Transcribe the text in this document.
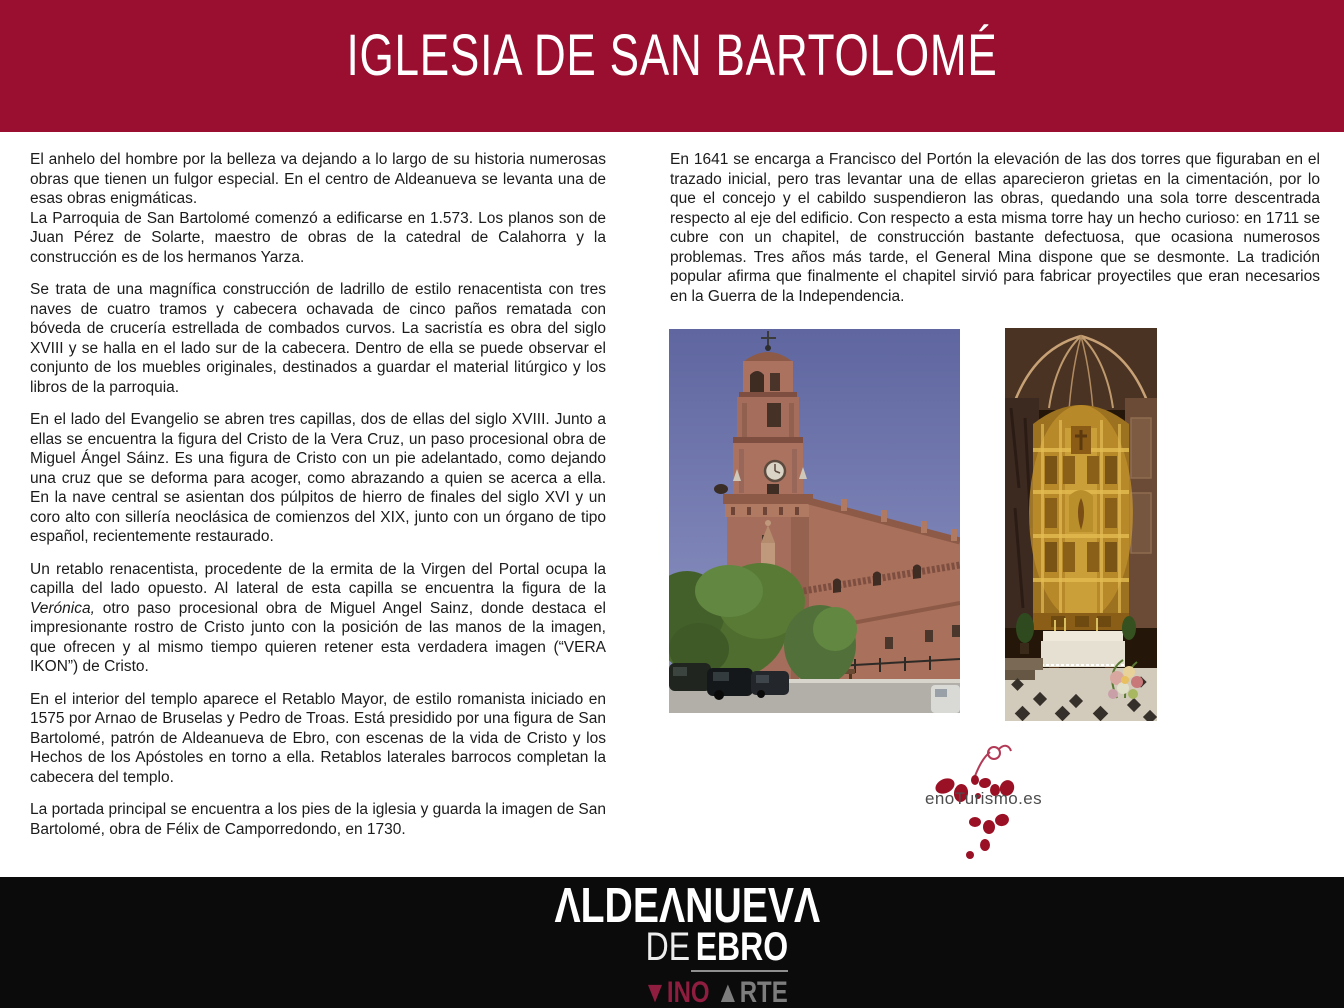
IGLESIA DE SAN BARTOLOMÉ

El anhelo del hombre por la belleza va dejando a lo largo de su historia numerosas obras que tienen un fulgor especial. En el centro de Aldeanueva se levanta una de esas obras enigmáticas.

La Parroquia de San Bartolomé comenzó a edificarse en 1.573. Los planos son de Juan Pérez de Solarte, maestro de obras de la catedral de Calahorra y la construcción es de los hermanos Yarza.

Se trata de una magnífica construcción de ladrillo de estilo renacentista con tres naves de cuatro tramos y cabecera ochavada de cinco paños rematada con bóveda de crucería estrellada de combados curvos. La sacristía es obra del siglo XVIII y se halla en el lado sur de la cabecera. Dentro de ella se puede observar el conjunto de los muebles originales, destinados a guardar el material litúrgico y los libros de la parroquia.

En el lado del Evangelio se abren tres capillas, dos de ellas del siglo XVIII. Junto a ellas se encuentra la figura del Cristo de la Vera Cruz, un paso procesional obra de Miguel Ángel Sáinz. Es una figura de Cristo con un pie adelantado, como dejando una cruz que se deforma para acoger, como abrazando a quien se acerca a ella. En la nave central se asientan dos púlpitos de hierro de finales del siglo XVI y un coro alto con sillería neoclásica de comienzos del XIX, junto con un órgano de tipo español, recientemente restaurado.

Un retablo renacentista, procedente de la ermita de la Virgen del Portal ocupa la capilla del lado opuesto. Al lateral de esta capilla se encuentra la figura de la Verónica, otro paso procesional obra de Miguel Angel Sainz, donde destaca el impresionante rostro de Cristo junto con la posición de las manos de la imagen, que ofrecen y al mismo tiempo quieren retener esta verdadera imagen (“VERA IKON”) de Cristo.

En el interior del templo aparece el Retablo Mayor, de estilo romanista iniciado en 1575 por Arnao de Bruselas y Pedro de Troas. Está presidido por una figura de San Bartolomé, patrón de Aldeanueva de Ebro, con escenas de la vida de Cristo y los Hechos de los Apóstoles en torno a ella. Retablos laterales barrocos completan la cabecera del templo.

La portada principal se encuentra a los pies de la iglesia y guarda la imagen de San Bartolomé, obra de Félix de Camporredondo, en 1730.

En 1641 se encarga a Francisco del Portón la elevación de las dos torres que figuraban en el trazado inicial, pero tras levantar una de ellas aparecieron grietas en la cimentación, por lo que el concejo y el cabildo suspendieron las obras, quedando una sola torre descentrada respecto al eje del edificio. Con respecto a esta misma torre hay un hecho curioso: en 1711 se cubre con un chapitel, de construcción bastante defectuosa, que ocasiona numerosos problemas. Tres años más tarde, el General Mina dispone que se desmonte. La tradición popular afirma que finalmente el chapitel sirvió para fabricar proyectiles que eran necesarios en la Guerra de la Independencia.

enoTurismo.es
ΛLDEΛNUEVΛ
DE EBRO
▼INO ▲RTE
